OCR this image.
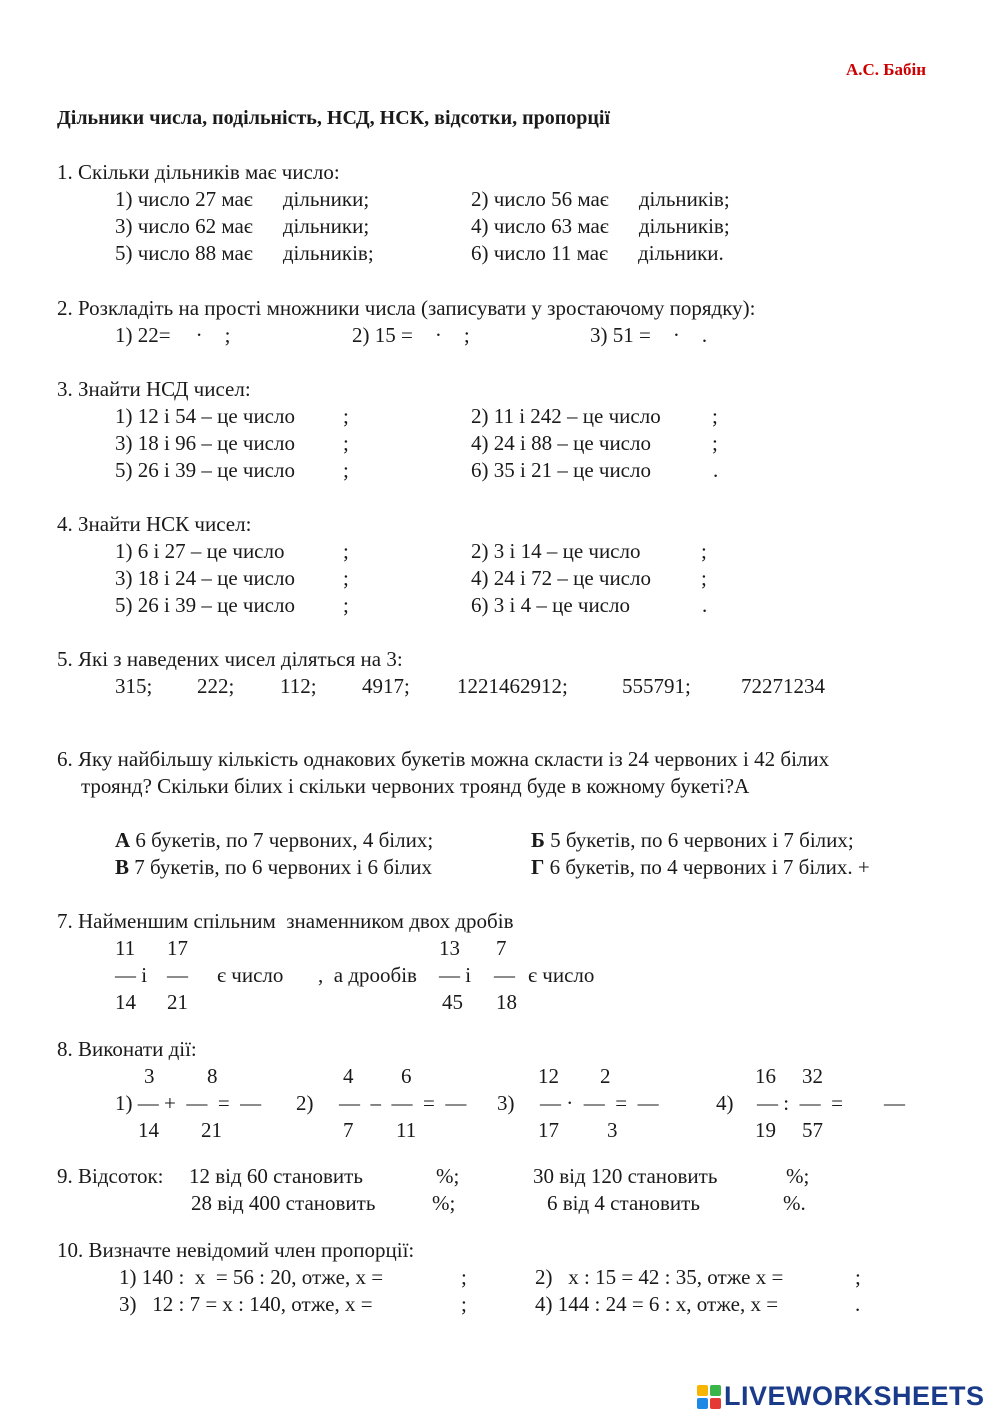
А.С. Бабін
Дільники числа, подільність, НСД, НСК, відсотки, пропорції
1. Скільки дільників має число:
1) число 27 має дільники;	2) число 56 має дільників;
3) число 62 має дільники;	4) число 63 має дільників;
5) число 88 має дільників;	6) число 11 має дільники.
2. Розкладіть на прості множники числа (записувати у зростаючому порядку):
1) 22= · ;	2) 15 = · ;	3) 51 = · .
3. Знайти НСД чисел:
1) 12 і 54 – це число ;	2) 11 і 242 – це число ;
3) 18 і 96 – це число ;	4) 24 і 88 – це число	;
5) 26 і 39 – це число ;	6) 35 і 21 – це число	.
4. Знайти НСК чисел:
1) 6 і 27 – це число	;	2) 3 і 14 – це число	;
3) 18 і 24 – це число ;	4) 24 і 72 – це число ;
5) 26 і 39 – це число ;	6) 3 і 4 – це число	.
5. Які з наведених чисел діляться на 3:
315; 222; 112; 4917; 1221462912;	555791; 72271234
6. Яку найбільшу кількість однакових букетів можна скласти із 24 червоних і 42 білих
троянд? Скільки білих і скільки червоних троянд буде в кожному букеті?А
А 6 букетів, по 7 червоних, 4 білих;	Б 5 букетів, по 6 червоних і 7 білих;
В 7 букетів, по 6 червоних і 6 білих	Г 6 букетів, по 4 червоних і 7 білих. +
7. Найменшим спільним  знаменником двох дробів
11 17	13 7
— і — є число ,  а дрообів — і — є число
14 21	45 18
8. Виконати дії:
3	8	4 6	12 2	16 32
1) — +  —  =  — 2) —  –  —  =  — 3) — ·  —  =  —	4) — :  —  = —
14 21	7 11	17 3	19 57
9. Відсоток: 12 від 60 становить	%;	30 від 120 становить	%;
28 від 400 становить	%;	6 від 4 становить	%.
10. Визначте невідомий член пропорції:
1) 140 :  x  = 56 : 20, отже, x =	;	2)   x : 15 = 42 : 35, отже x =	;
3)   12 : 7 = x : 140, отже, x =	;	4) 144 : 24 = 6 : x, отже, x =	.
LIVEWORKSHEETS
